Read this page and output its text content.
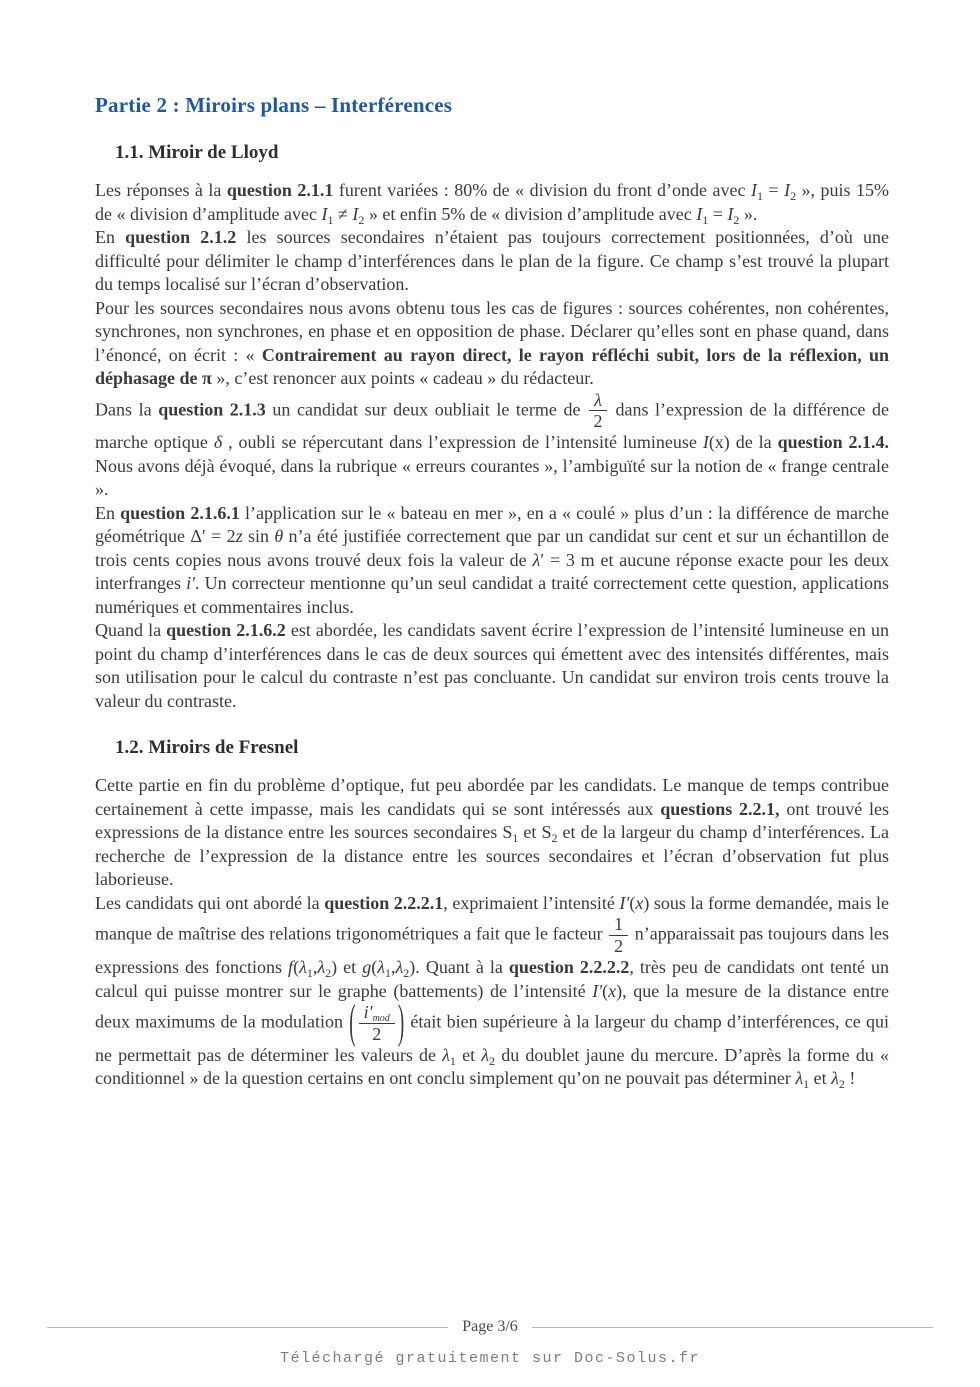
Partie 2 : Miroirs plans – Interférences
1.1. Miroir de Lloyd

Les réponses à la question 2.1.1 furent variées : 80% de « division du front d’onde avec $I_1 = I_2$ », puis 15% de « division d’amplitude avec $I_1 \ne I_2$ » et enfin 5% de « division d’amplitude avec $I_1 = I_2$ ».

En question 2.1.2 les sources secondaires n’étaient pas toujours correctement positionnées, d’où une difficulté pour délimiter le champ d’interférences dans le plan de la figure. Ce champ s’est trouvé la plupart du temps localisé sur l’écran d’observation.

Pour les sources secondaires nous avons obtenu tous les cas de figures : sources cohérentes, non cohérentes, synchrones, non synchrones, en phase et en opposition de phase. Déclarer qu’elles sont en phase quand, dans l’énoncé, on écrit : « Contrairement au rayon direct, le rayon réfléchi subit, lors de la réflexion, un déphasage de π », c’est renoncer aux points « cadeau » du rédacteur.

Dans la question 2.1.3 un candidat sur deux oubliait le terme de $\frac{\lambda}{2}$ dans l’expression de la différence de marche optique δ , oubli se répercutant dans l’expression de l’intensité lumineuse I(x) de la question 2.1.4. Nous avons déjà évoqué, dans la rubrique « erreurs courantes », l’ambiguïté sur la notion de « frange centrale ».

En question 2.1.6.1 l’application sur le « bateau en mer », en a « coulé » plus d’un : la différence de marche géométrique Δ′ = 2z sin θ n’a été justifiée correctement que par un candidat sur cent et sur un échantillon de trois cents copies nous avons trouvé deux fois la valeur de λ′ = 3 m et aucune réponse exacte pour les deux interfranges i′. Un correcteur mentionne qu’un seul candidat a traité correctement cette question, applications numériques et commentaires inclus.

Quand la question 2.1.6.2 est abordée, les candidats savent écrire l’expression de l’intensité lumineuse en un point du champ d’interférences dans le cas de deux sources qui émettent avec des intensités différentes, mais son utilisation pour le calcul du contraste n’est pas concluante. Un candidat sur environ trois cents trouve la valeur du contraste.

1.2. Miroirs de Fresnel

Cette partie en fin du problème d’optique, fut peu abordée par les candidats. Le manque de temps contribue certainement à cette impasse, mais les candidats qui se sont intéressés aux questions 2.2.1, ont trouvé les expressions de la distance entre les sources secondaires $S_1$ et $S_2$ et de la largeur du champ d’interférences. La recherche de l’expression de la distance entre les sources secondaires et l’écran d’observation fut plus laborieuse.

Les candidats qui ont abordé la question 2.2.2.1, exprimaient l’intensité I′(x) sous la forme demandée, mais le manque de maîtrise des relations trigonométriques a fait que le facteur $\frac{1}{2}$ n’apparaissait pas toujours dans les expressions des fonctions $f(\lambda_1,\lambda_2)$ et $g(\lambda_1,\lambda_2)$. Quant à la question 2.2.2.2, très peu de candidats ont tenté un calcul qui puisse montrer sur le graphe (battements) de l’intensité I′(x), que la mesure de la distance entre deux maximums de la modulation ( $\frac{i'_{mod}}{2}$ ) était bien supérieure à la largeur du champ d’interférences, ce qui ne permettait pas de déterminer les valeurs de $\lambda_1$ et $\lambda_2$ du doublet jaune du mercure. D’après la forme du « conditionnel » de la question certains en ont conclu simplement qu’on ne pouvait pas déterminer $\lambda_1$ et $\lambda_2$ !

Page 3/6
Téléchargé gratuitement sur Doc-Solus.fr
